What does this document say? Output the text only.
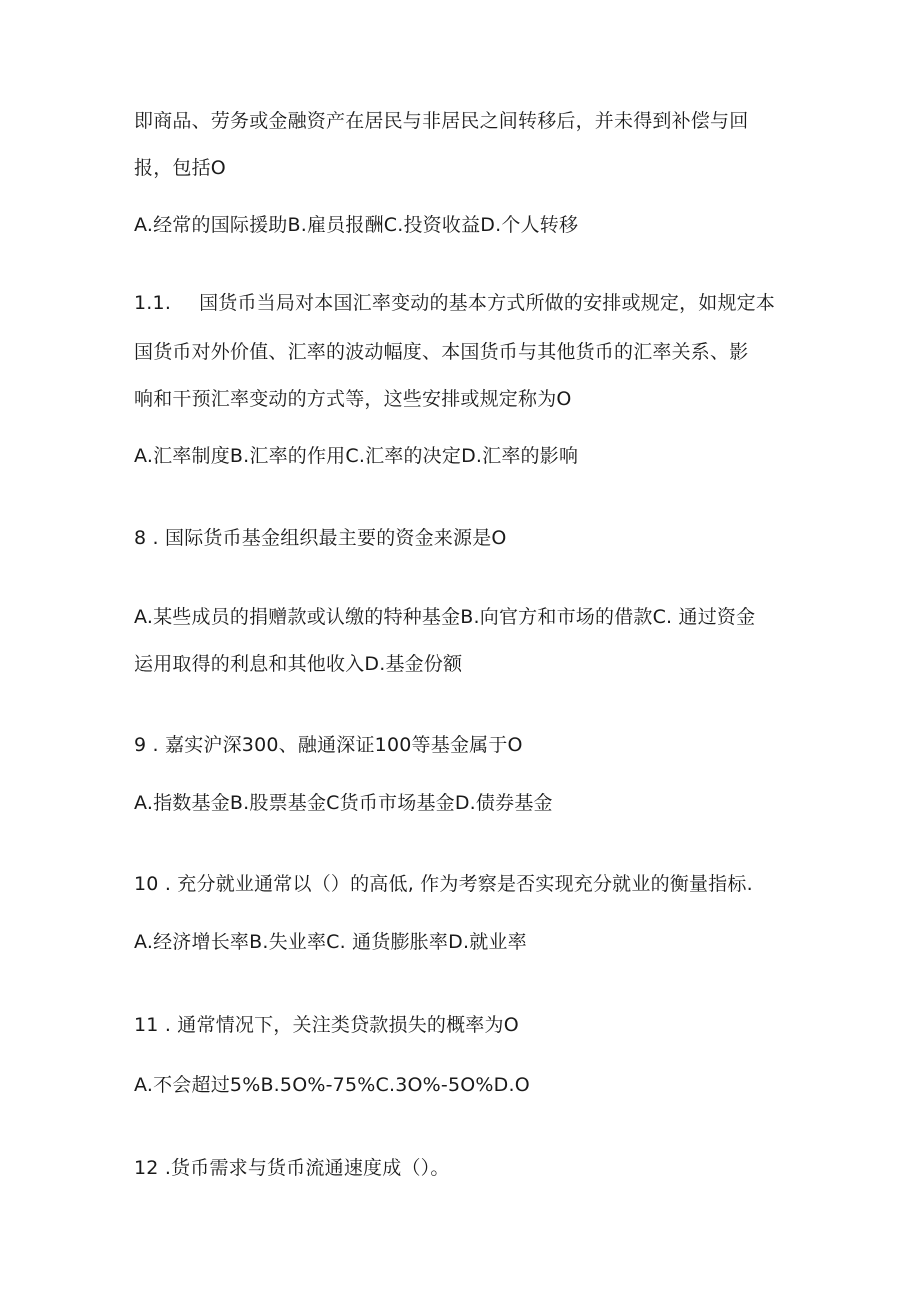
即商品、劳务或金融资产在居民与非居民之间转移后，并未得到补偿与回

报，包括O

A.经常的国际援助B.雇员报酬C.投资收益D.个人转移

1.1. 国货币当局对本国汇率变动的基本方式所做的安排或规定，如规定本

国货币对外价值、汇率的波动幅度、本国货币与其他货币的汇率关系、影

响和干预汇率变动的方式等，这些安排或规定称为O

A.汇率制度B.汇率的作用C.汇率的决定D.汇率的影响

8 . 国际货币基金组织最主要的资金来源是O

A.某些成员的捐赠款或认缴的特种基金B.向官方和市场的借款C. 通过资金

运用取得的利息和其他收入D.基金份额

9 . 嘉实沪深300、融通深证100等基金属于O

A.指数基金B.股票基金C货币市场基金D.债券基金

10 . 充分就业通常以（）的高低, 作为考察是否实现充分就业的衡量指标.

A.经济增长率B.失业率C. 通货膨胀率D.就业率

11 . 通常情况下，关注类贷款损失的概率为O

A.不会超过5%B.5O%-75%C.3O%-5O%D.O

12 .货币需求与货币流通速度成（）。
